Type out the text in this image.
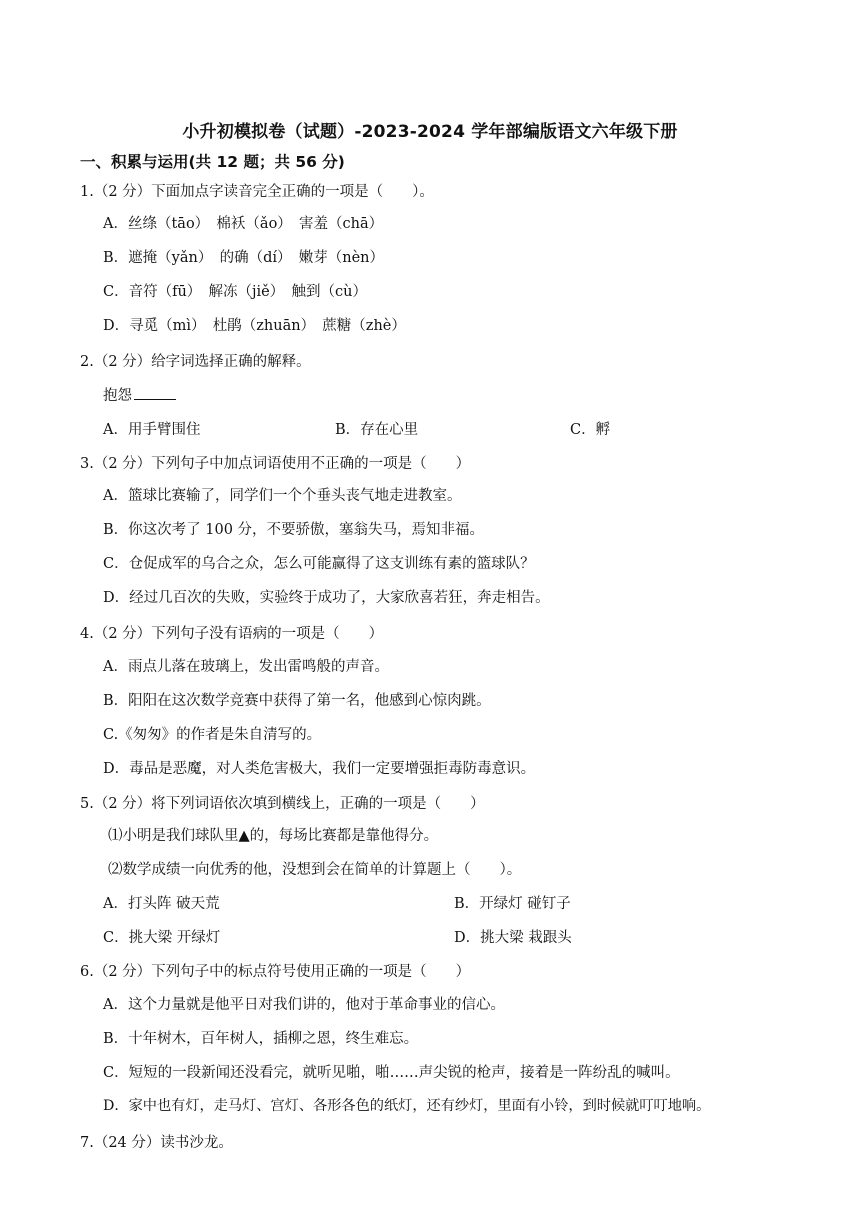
小升初模拟卷（试题）-2023-2024 学年部编版语文六年级下册
一、积累与运用(共 12 题；共 56 分)
1.（2 分）下面加点字读音完全正确的一项是（　　）。
A．丝绦（tāo）　棉袄（ǎo）　害羞（chā）
B．遮掩（yǎn）　的确（dí）　嫩芽（nèn）
C．音符（fū）　解冻（jiě）　触到（cù）
D．寻觅（mì）　杜鹃（zhuān）　蔗糖（zhè）
2.（2 分）给字词选择正确的解释。
抱怨
A．用手臂围住	B．存在心里	C．孵
3.（2 分）下列句子中加点词语使用不正确的一项是（　　）
A．篮球比赛输了，同学们一个个垂头丧气地走进教室。
B．你这次考了 100 分，不要骄傲，塞翁失马，焉知非福。
C．仓促成军的乌合之众，怎么可能赢得了这支训练有素的篮球队？
D．经过几百次的失败，实验终于成功了，大家欣喜若狂，奔走相告。
4.（2 分）下列句子没有语病的一项是（　　）
A．雨点儿落在玻璃上，发出雷鸣般的声音。
B．阳阳在这次数学竞赛中获得了第一名，他感到心惊肉跳。
C.《匆匆》的作者是朱自清写的。
D．毒品是恶魔，对人类危害极大，我们一定要增强拒毒防毒意识。
5.（2 分）将下列词语依次填到横线上，正确的一项是（　　）
⑴小明是我们球队里▲的，每场比赛都是靠他得分。
⑵数学成绩一向优秀的他，没想到会在简单的计算题上（　　）。
A．打头阵 破天荒	B．开绿灯 碰钉子
C．挑大梁 开绿灯	D．挑大梁 栽跟头
6.（2 分）下列句子中的标点符号使用正确的一项是（　　）
A．这个力量就是他平日对我们讲的，他对于革命事业的信心。
B．十年树木，百年树人，插柳之恩，终生难忘。
C．短短的一段新闻还没看完，就听见啪，啪……声尖锐的枪声，接着是一阵纷乱的喊叫。
D．家中也有灯，走马灯、宫灯、各形各色的纸灯，还有纱灯，里面有小铃，到时候就叮叮地响。
7.（24 分）读书沙龙。
